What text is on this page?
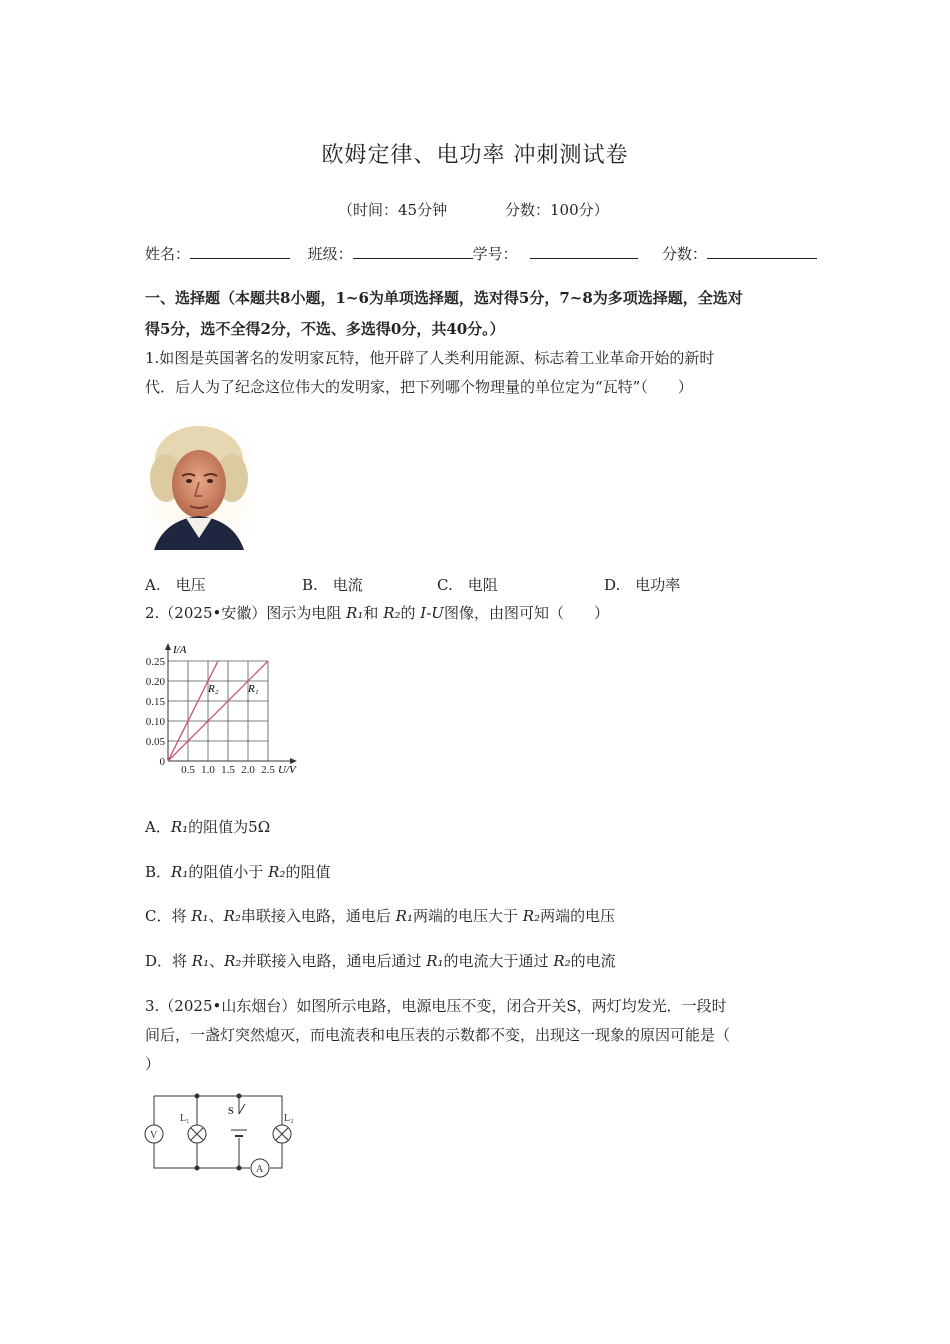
欧姆定律、电功率 冲刺测试卷
（时间：45分钟	分数：100分）
姓名：	班级：	学号：	分数：
一、选择题（本题共8小题，1~6为单项选择题，选对得5分，7~8为多项选择题，全选对
得5分，选不全得2分，不选、多选得0分，共40分。）
1.如图是英国著名的发明家瓦特，他开辟了人类利用能源、标志着工业革命开始的新时
代．后人为了纪念这位伟大的发明家，把下列哪个物理量的单位定为“瓦特”（　　）
A.　电压	B.　电流	C.　电阻	D.　电功率
2.（2025•安徽）图示为电阻 R₁和 R₂的 I-U图像，由图可知（　　）
0.25
0.20
0.15
0.10
0.05
0
0.5 1.0 1.5 2.0 2.5
I/A
U/V
R₂	R₁
A．R₁的阻值为5Ω
B．R₁的阻值小于 R₂的阻值
C．将 R₁、R₂串联接入电路，通电后 R₁两端的电压大于 R₂两端的电压
D．将 R₁、R₂并联接入电路，通电后通过 R₁的电流大于通过 R₂的电流
3.（2025•山东烟台）如图所示电路，电源电压不变，闭合开关S，两灯均发光．一段时
间后，一盏灯突然熄灭，而电流表和电压表的示数都不变，出现这一现象的原因可能是（
）
V
L₁	L₂
S
A
